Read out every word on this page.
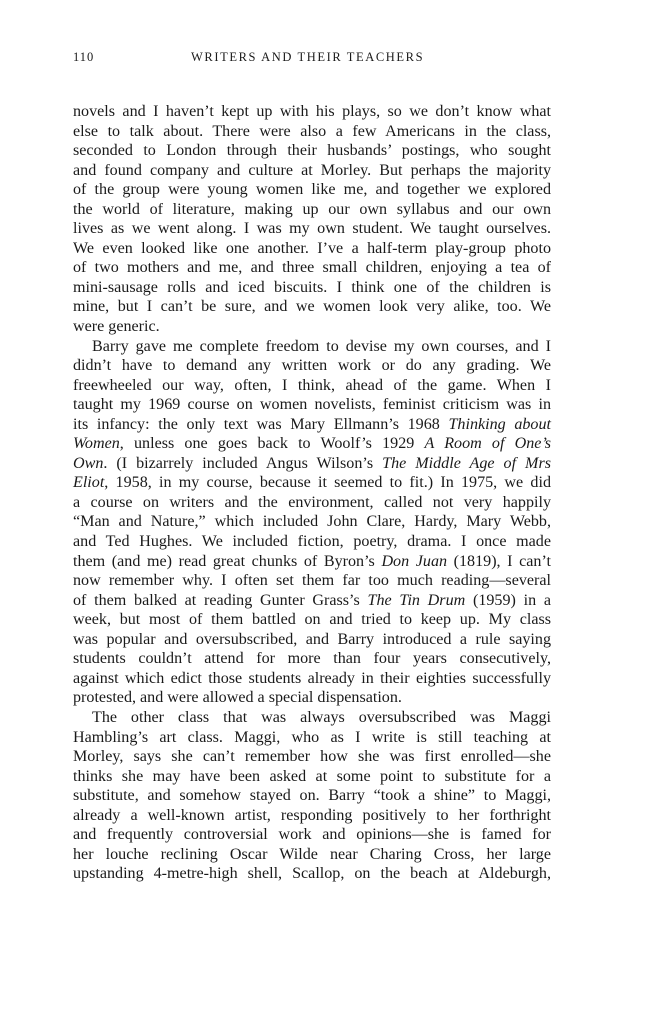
110	WRITERS AND THEIR TEACHERS
novels and I haven’t kept up with his plays, so we don’t know what
else to talk about. There were also a few Americans in the class,
seconded to London through their husbands’ postings, who sought
and found company and culture at Morley. But perhaps the majority
of the group were young women like me, and together we explored
the world of literature, making up our own syllabus and our own
lives as we went along. I was my own student. We taught ourselves.
We even looked like one another. I’ve a half-term play-group photo
of two mothers and me, and three small children, enjoying a tea of
mini-sausage rolls and iced biscuits. I think one of the children is
mine, but I can’t be sure, and we women look very alike, too. We
were generic.
Barry gave me complete freedom to devise my own courses, and I
didn’t have to demand any written work or do any grading. We
freewheeled our way, often, I think, ahead of the game. When I
taught my 1969 course on women novelists, feminist criticism was in
its infancy: the only text was Mary Ellmann’s 1968 Thinking about
Women, unless one goes back to Woolf’s 1929 A Room of One’s
Own. (I bizarrely included Angus Wilson’s The Middle Age of Mrs
Eliot, 1958, in my course, because it seemed to fit.) In 1975, we did
a course on writers and the environment, called not very happily
“Man and Nature,” which included John Clare, Hardy, Mary Webb,
and Ted Hughes. We included fiction, poetry, drama. I once made
them (and me) read great chunks of Byron’s Don Juan (1819), I can’t
now remember why. I often set them far too much reading—several
of them balked at reading Gunter Grass’s The Tin Drum (1959) in a
week, but most of them battled on and tried to keep up. My class
was popular and oversubscribed, and Barry introduced a rule saying
students couldn’t attend for more than four years consecutively,
against which edict those students already in their eighties successfully
protested, and were allowed a special dispensation.
The other class that was always oversubscribed was Maggi
Hambling’s art class. Maggi, who as I write is still teaching at
Morley, says she can’t remember how she was first enrolled—she
thinks she may have been asked at some point to substitute for a
substitute, and somehow stayed on. Barry “took a shine” to Maggi,
already a well-known artist, responding positively to her forthright
and frequently controversial work and opinions—she is famed for
her louche reclining Oscar Wilde near Charing Cross, her large
upstanding 4-metre-high shell, Scallop, on the beach at Aldeburgh,
